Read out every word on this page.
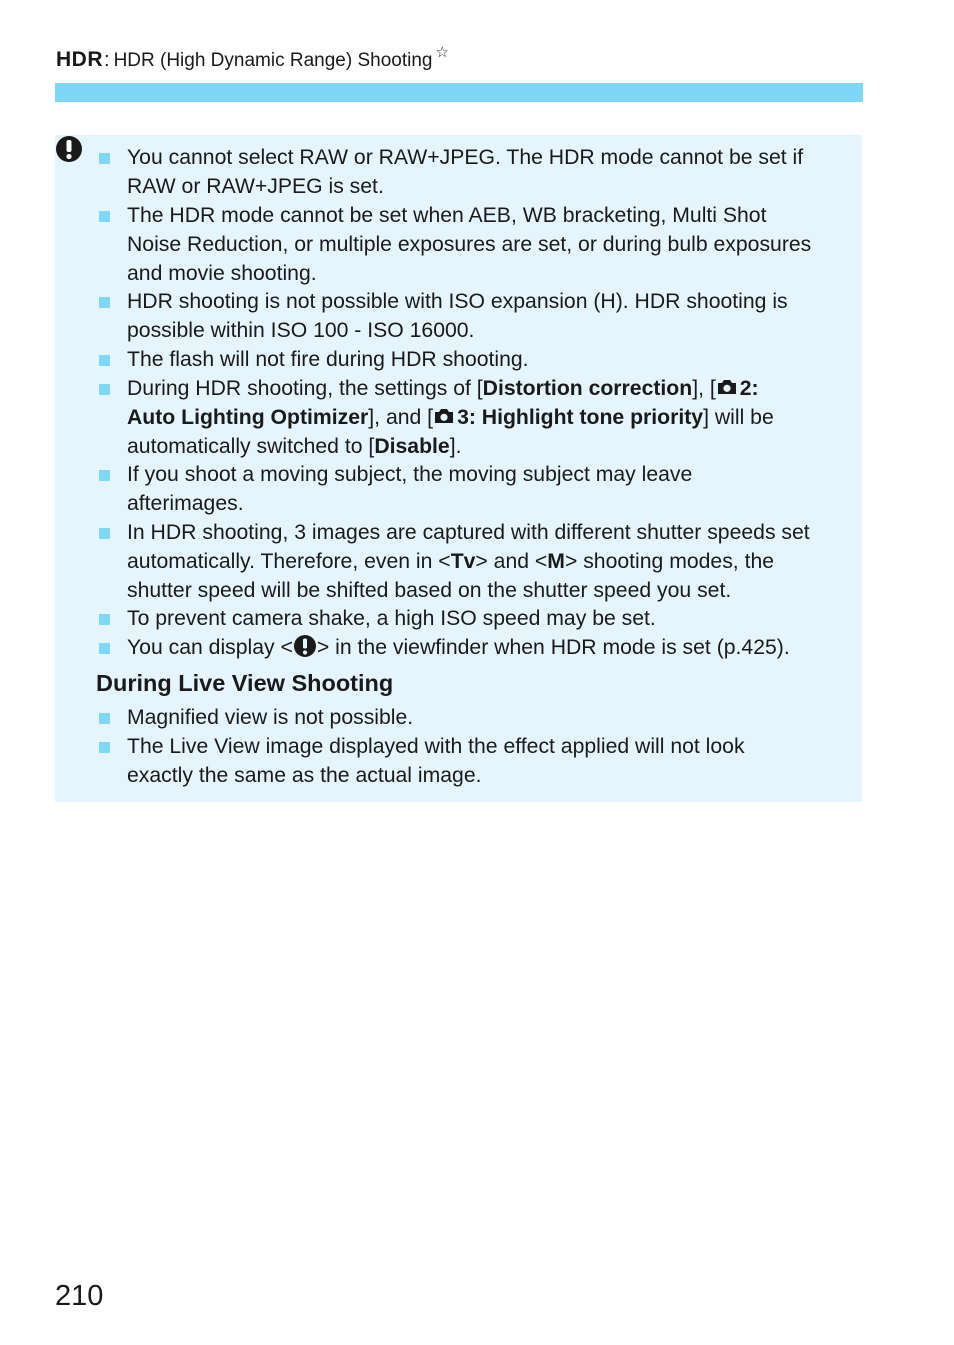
HDR : HDR (High Dynamic Range) Shooting ☆
You cannot select RAW or RAW+JPEG. The HDR mode cannot be set if
RAW or RAW+JPEG is set.
The HDR mode cannot be set when AEB, WB bracketing, Multi Shot
Noise Reduction, or multiple exposures are set, or during bulb exposures
and movie shooting.
HDR shooting is not possible with ISO expansion (H). HDR shooting is
possible within ISO 100 - ISO 16000.
The flash will not fire during HDR shooting.
During HDR shooting, the settings of [Distortion correction], [ 2:
Auto Lighting Optimizer], and [ 3: Highlight tone priority] will be
automatically switched to [Disable].
If you shoot a moving subject, the moving subject may leave
afterimages.
In HDR shooting, 3 images are captured with different shutter speeds set
automatically. Therefore, even in <Tv> and <M> shooting modes, the
shutter speed will be shifted based on the shutter speed you set.
To prevent camera shake, a high ISO speed may be set.
You can display < > in the viewfinder when HDR mode is set (p.425).
During Live View Shooting
Magnified view is not possible.
The Live View image displayed with the effect applied will not look
exactly the same as the actual image.
210
